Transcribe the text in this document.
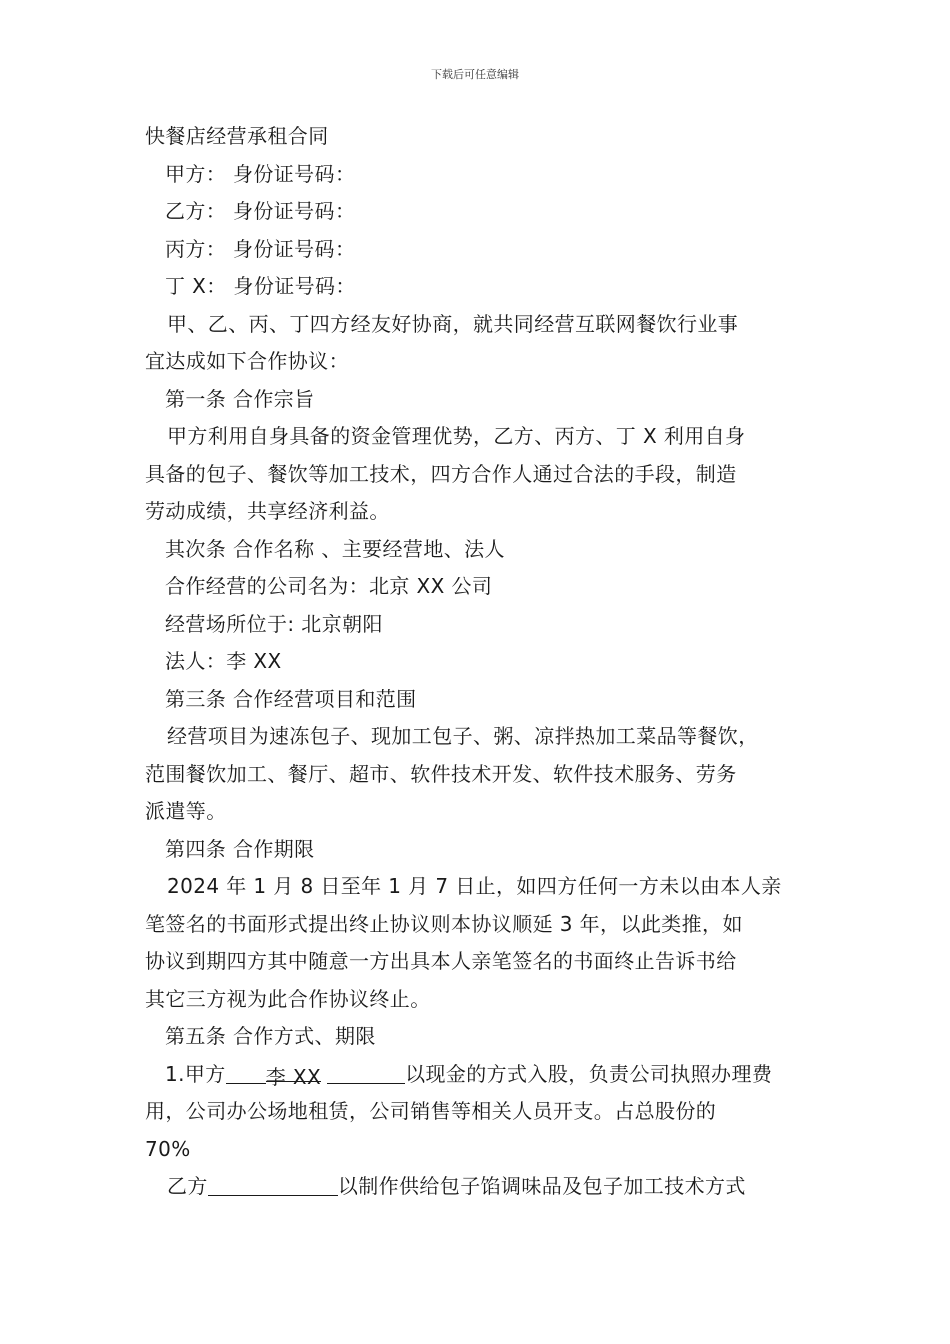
下载后可任意编辑
快餐店经营承租合同
甲方： 身份证号码：
乙方： 身份证号码：
丙方： 身份证号码：
丁 X： 身份证号码：
甲、乙、丙、丁四方经友好协商，就共同经营互联网餐饮行业事
宜达成如下合作协议：
第一条 合作宗旨
甲方利用自身具备的资金管理优势，乙方、丙方、丁 X 利用自身
具备的包子、餐饮等加工技术，四方合作人通过合法的手段，制造
劳动成绩，共享经济利益。
其次条 合作名称 、主要经营地、法人
合作经营的公司名为：北京 XX 公司
经营场所位于: 北京朝阳
法人：李 XX
第三条 合作经营项目和范围
经营项目为速冻包子、现加工包子、粥、凉拌热加工菜品等餐饮，
范围餐饮加工、餐厅、超市、软件技术开发、软件技术服务、劳务
派遣等。
第四条 合作期限
2024 年 1 月 8 日至年 1 月 7 日止，如四方任何一方未以由本人亲
笔签名的书面形式提出终止协议则本协议顺延 3 年，以此类推，如
协议到期四方其中随意一方出具本人亲笔签名的书面终止告诉书给
其它三方视为此合作协议终止。
第五条 合作方式、期限
1.甲方 李 XX	以现金的方式入股，负责公司执照办理费
用，公司办公场地租赁，公司销售等相关人员开支。占总股份的
70%
乙方	以制作供给包子馅调味品及包子加工技术方式
